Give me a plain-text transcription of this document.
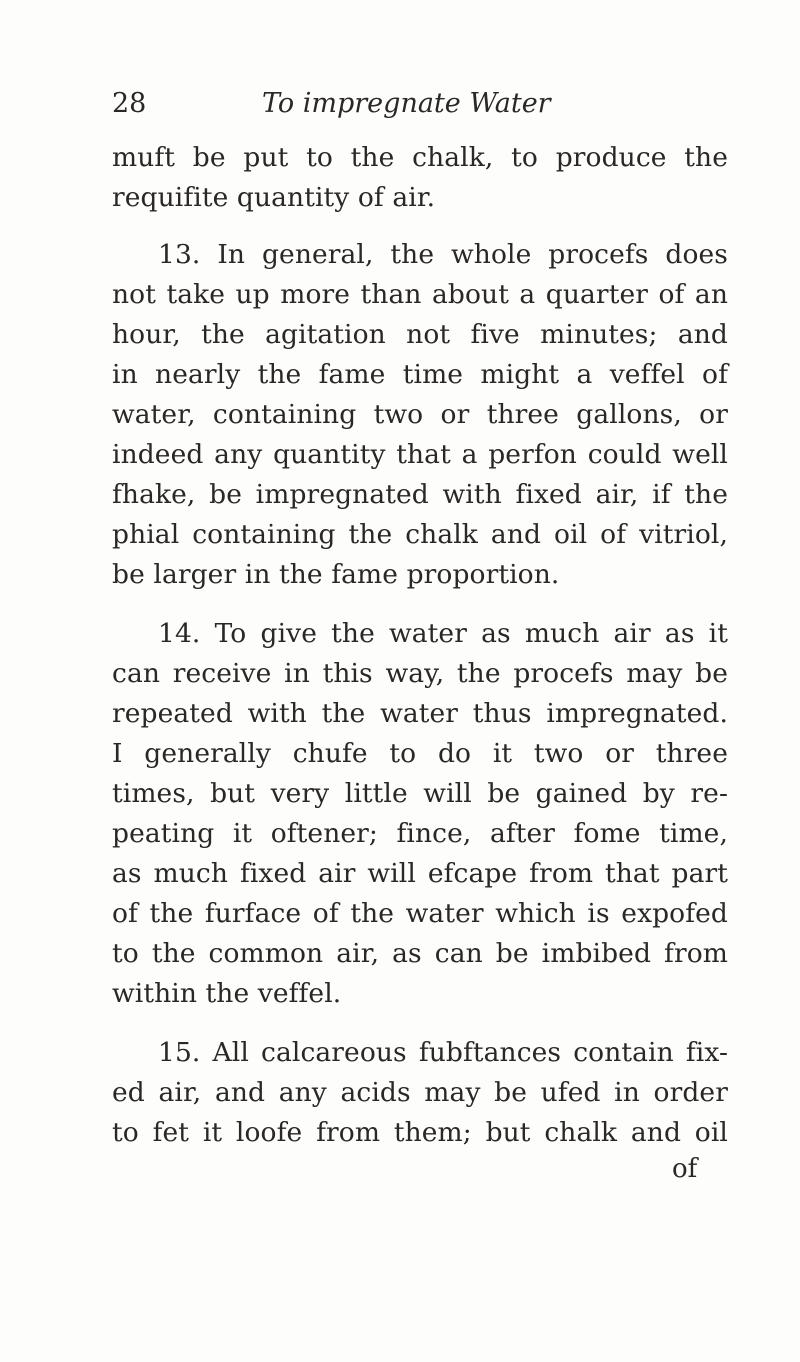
28	To impregnate Water
muft be put to the chalk, to produce the
requifite quantity of air.
13. In general, the whole procefs does
not take up more than about a quarter of an
hour, the agitation not five minutes; and
in nearly the fame time might a veffel of
water, containing two or three gallons, or
indeed any quantity that a perfon could well
fhake, be impregnated with fixed air, if the
phial containing the chalk and oil of vitriol,
be larger in the fame proportion.
14. To give the water as much air as it
can receive in this way, the procefs may be
repeated with the water thus impregnated.
I generally chufe to do it two or three
times, but very little will be gained by re-
peating it oftener; fince, after fome time,
as much fixed air will efcape from that part
of the furface of the water which is expofed
to the common air, as can be imbibed from
within the veffel.
15. All calcareous fubftances contain fix-
ed air, and any acids may be ufed in order
to fet it loofe from them; but chalk and oil
of
